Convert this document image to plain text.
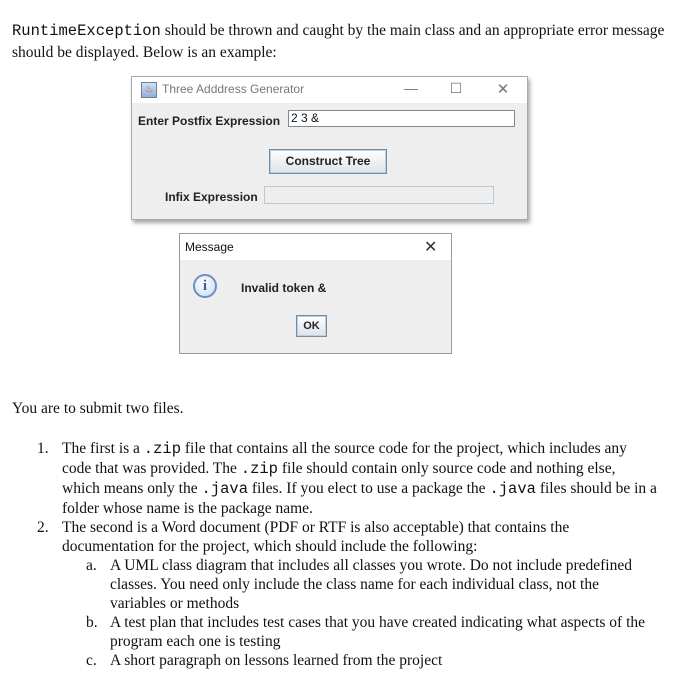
RuntimeException should be thrown and caught by the main class and an appropriate error message should be displayed. Below is an example:
♨ Three Adddress Generator	— ☐ ✕
Enter Postfix Expression 2 3 &
Construct Tree
Infix Expression
Message	✕
i	Invalid token &
OK
You are to submit two files.
1. The first is a .zip file that contains all the source code for the project, which includes any code that was provided. The .zip file should contain only source code and nothing else, which means only the .java files. If you elect to use a package the .java files should be in a folder whose name is the package name.
2. The second is a Word document (PDF or RTF is also acceptable) that contains the documentation for the project, which should include the following:
a. A UML class diagram that includes all classes you wrote. Do not include predefined classes. You need only include the class name for each individual class, not the variables or methods
b. A test plan that includes test cases that you have created indicating what aspects of the program each one is testing
c. A short paragraph on lessons learned from the project
